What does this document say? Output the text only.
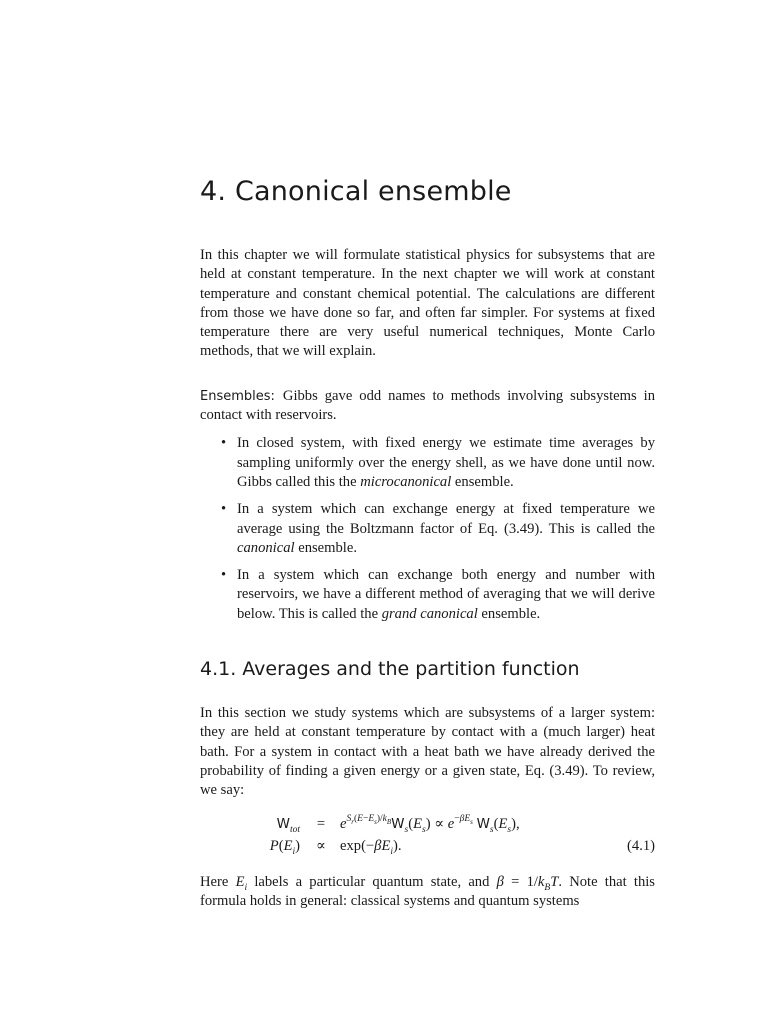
4. Canonical ensemble

In this chapter we will formulate statistical physics for subsystems that are held at constant temperature. In the next chapter we will work at constant temperature and constant chemical potential. The calculations are different from those we have done so far, and often far simpler. For systems at fixed temperature there are very useful numerical techniques, Monte Carlo methods, that we will explain.

Ensembles: Gibbs gave odd names to methods involving subsystems in contact with reservoirs.

• In closed system, with fixed energy we estimate time averages by sampling uniformly over the energy shell, as we have done until now. Gibbs called this the microcanonical ensemble.
• In a system which can exchange energy at fixed temperature we average using the Boltzmann factor of Eq. (3.49). This is called the canonical ensemble.
• In a system which can exchange both energy and number with reservoirs, we have a different method of averaging that we will derive below. This is called the grand canonical ensemble.
4.1. Averages and the partition function

In this section we study systems which are subsystems of a larger system: they are held at constant temperature by contact with a (much larger) heat bath. For a system in contact with a heat bath we have already derived the probability of finding a given energy or a given state, Eq. (3.49). To review, we say:

$W_{tot}$	=	$e^{S_r(E-E_s)/k_B}W_s(E_s) \propto e^{-\beta E_s}$ $W_s(E_s)$,
$P(E_i) \propto \exp(-\beta E_i)$.	(4.1)

Here $E_i$ labels a particular quantum state, and $\beta = 1/k_BT$. Note that this formula holds in general: classical systems and quantum systems
